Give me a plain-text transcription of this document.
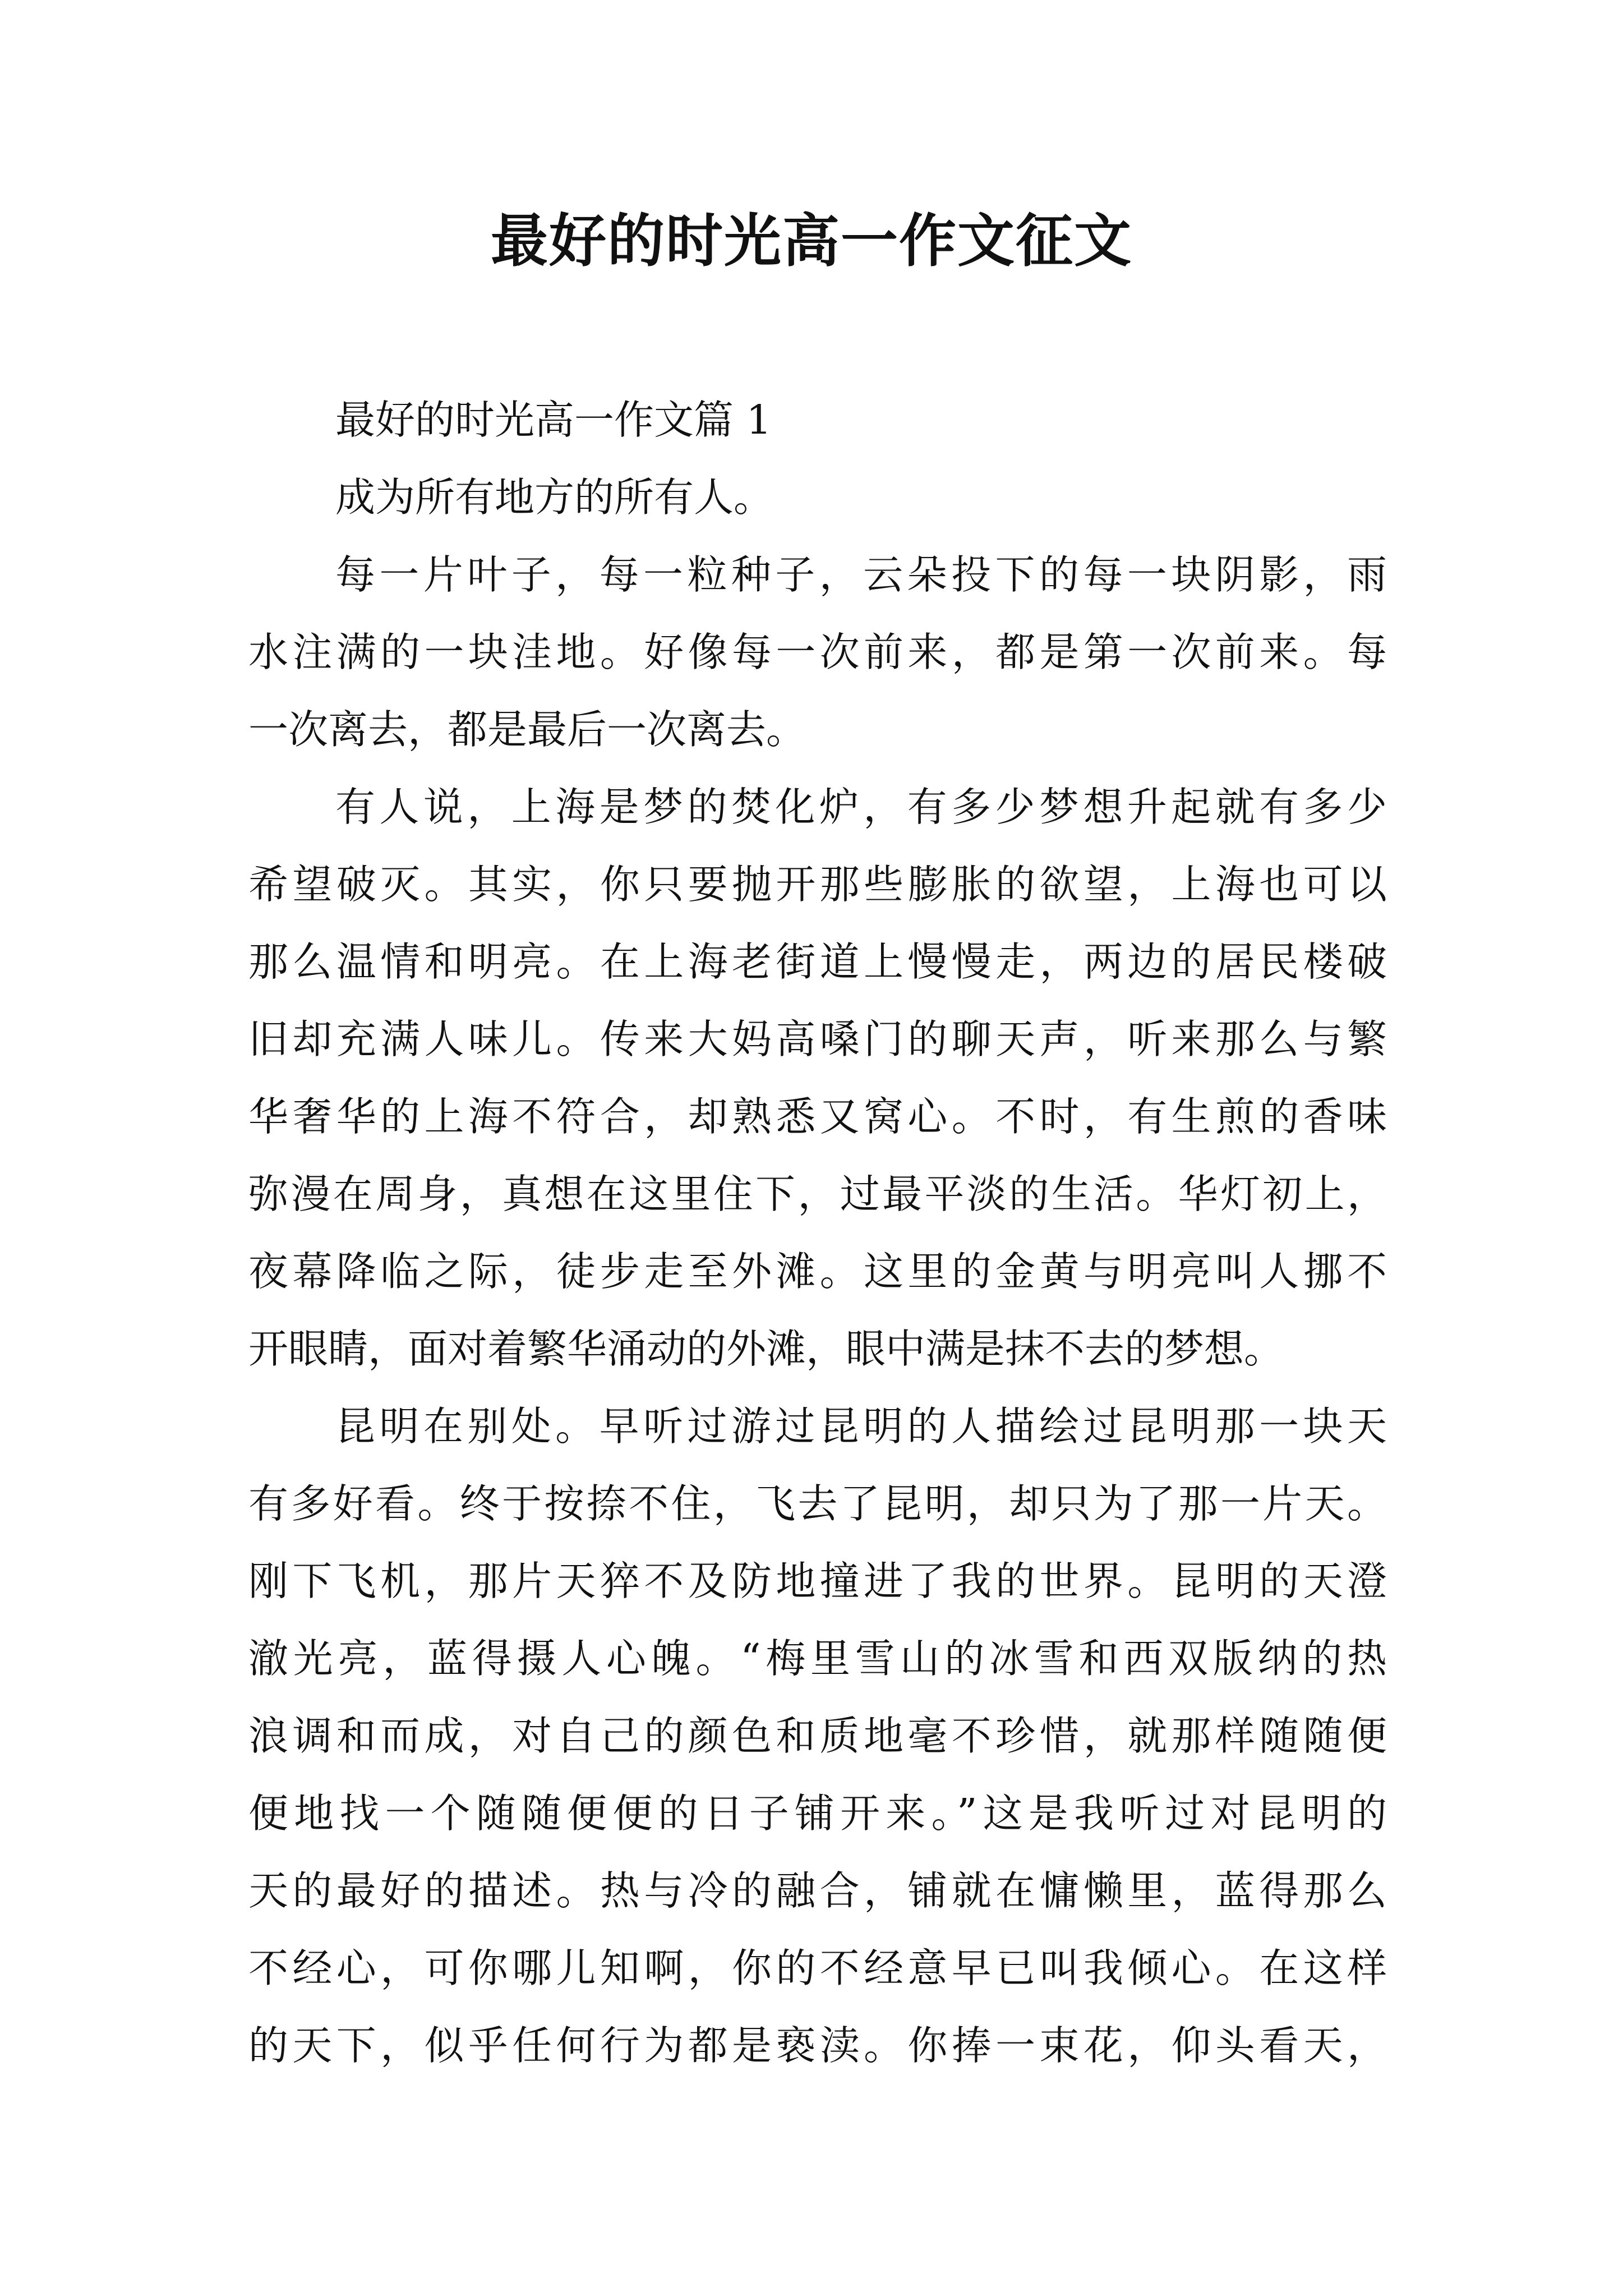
最好的时光高一作文征文
最好的时光高一作文篇 1
成为所有地方的所有人。
每一片叶子，每一粒种子，云朵投下的每一块阴影，雨
水注满的一块洼地。好像每一次前来，都是第一次前来。每
一次离去，都是最后一次离去。
有人说，上海是梦的焚化炉，有多少梦想升起就有多少
希望破灭。其实，你只要抛开那些膨胀的欲望，上海也可以
那么温情和明亮。在上海老街道上慢慢走，两边的居民楼破
旧却充满人味儿。传来大妈高嗓门的聊天声，听来那么与繁
华奢华的上海不符合，却熟悉又窝心。不时，有生煎的香味
弥漫在周身，真想在这里住下，过最平淡的生活。华灯初上，
夜幕降临之际，徒步走至外滩。这里的金黄与明亮叫人挪不
开眼睛，面对着繁华涌动的外滩，眼中满是抹不去的梦想。
昆明在别处。早听过游过昆明的人描绘过昆明那一块天
有多好看。终于按捺不住，飞去了昆明，却只为了那一片天。
刚下飞机，那片天猝不及防地撞进了我的世界。昆明的天澄
澈光亮，蓝得摄人心魄。“梅里雪山的冰雪和西双版纳的热
浪调和而成，对自己的颜色和质地毫不珍惜，就那样随随便
便地找一个随随便便的日子铺开来。”这是我听过对昆明的
天的最好的描述。热与冷的融合，铺就在慵懒里，蓝得那么
不经心，可你哪儿知啊，你的不经意早已叫我倾心。在这样
的天下，似乎任何行为都是亵渎。你捧一束花，仰头看天，
